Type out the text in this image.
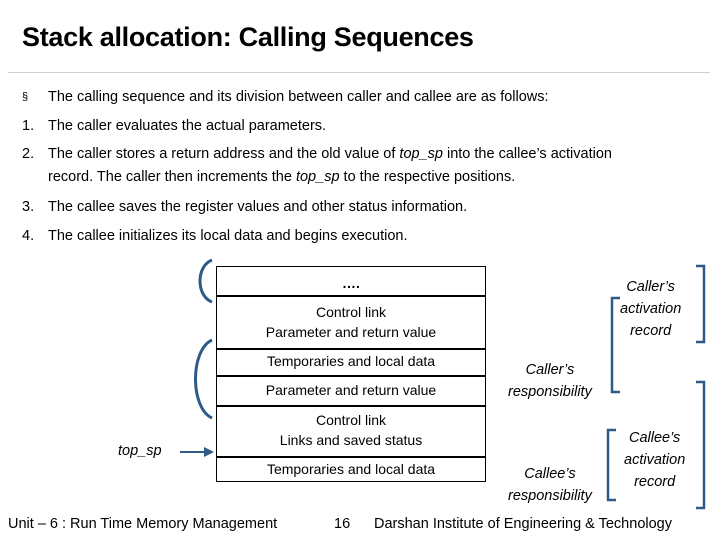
Stack allocation: Calling Sequences
§ The calling sequence and its division between caller and callee are as follows:
1. The caller evaluates the actual parameters.
2. The caller stores a return address and the old value of top_sp into the callee’s activation
record. The caller then increments the top_sp to the respective positions.
3. The callee saves the register values and other status information.
4. The callee initializes its local data and begins execution.
….
Control link
Parameter and return value
Temporaries and local data
Parameter and return value
Control link
Links and saved status
Temporaries and local data
top_sp
Caller’s
activation
record
Caller’s
responsibility
Callee’s
activation
record
Callee’s
responsibility
Unit – 6 : Run Time Memory Management	16 Darshan Institute of Engineering & Technology
